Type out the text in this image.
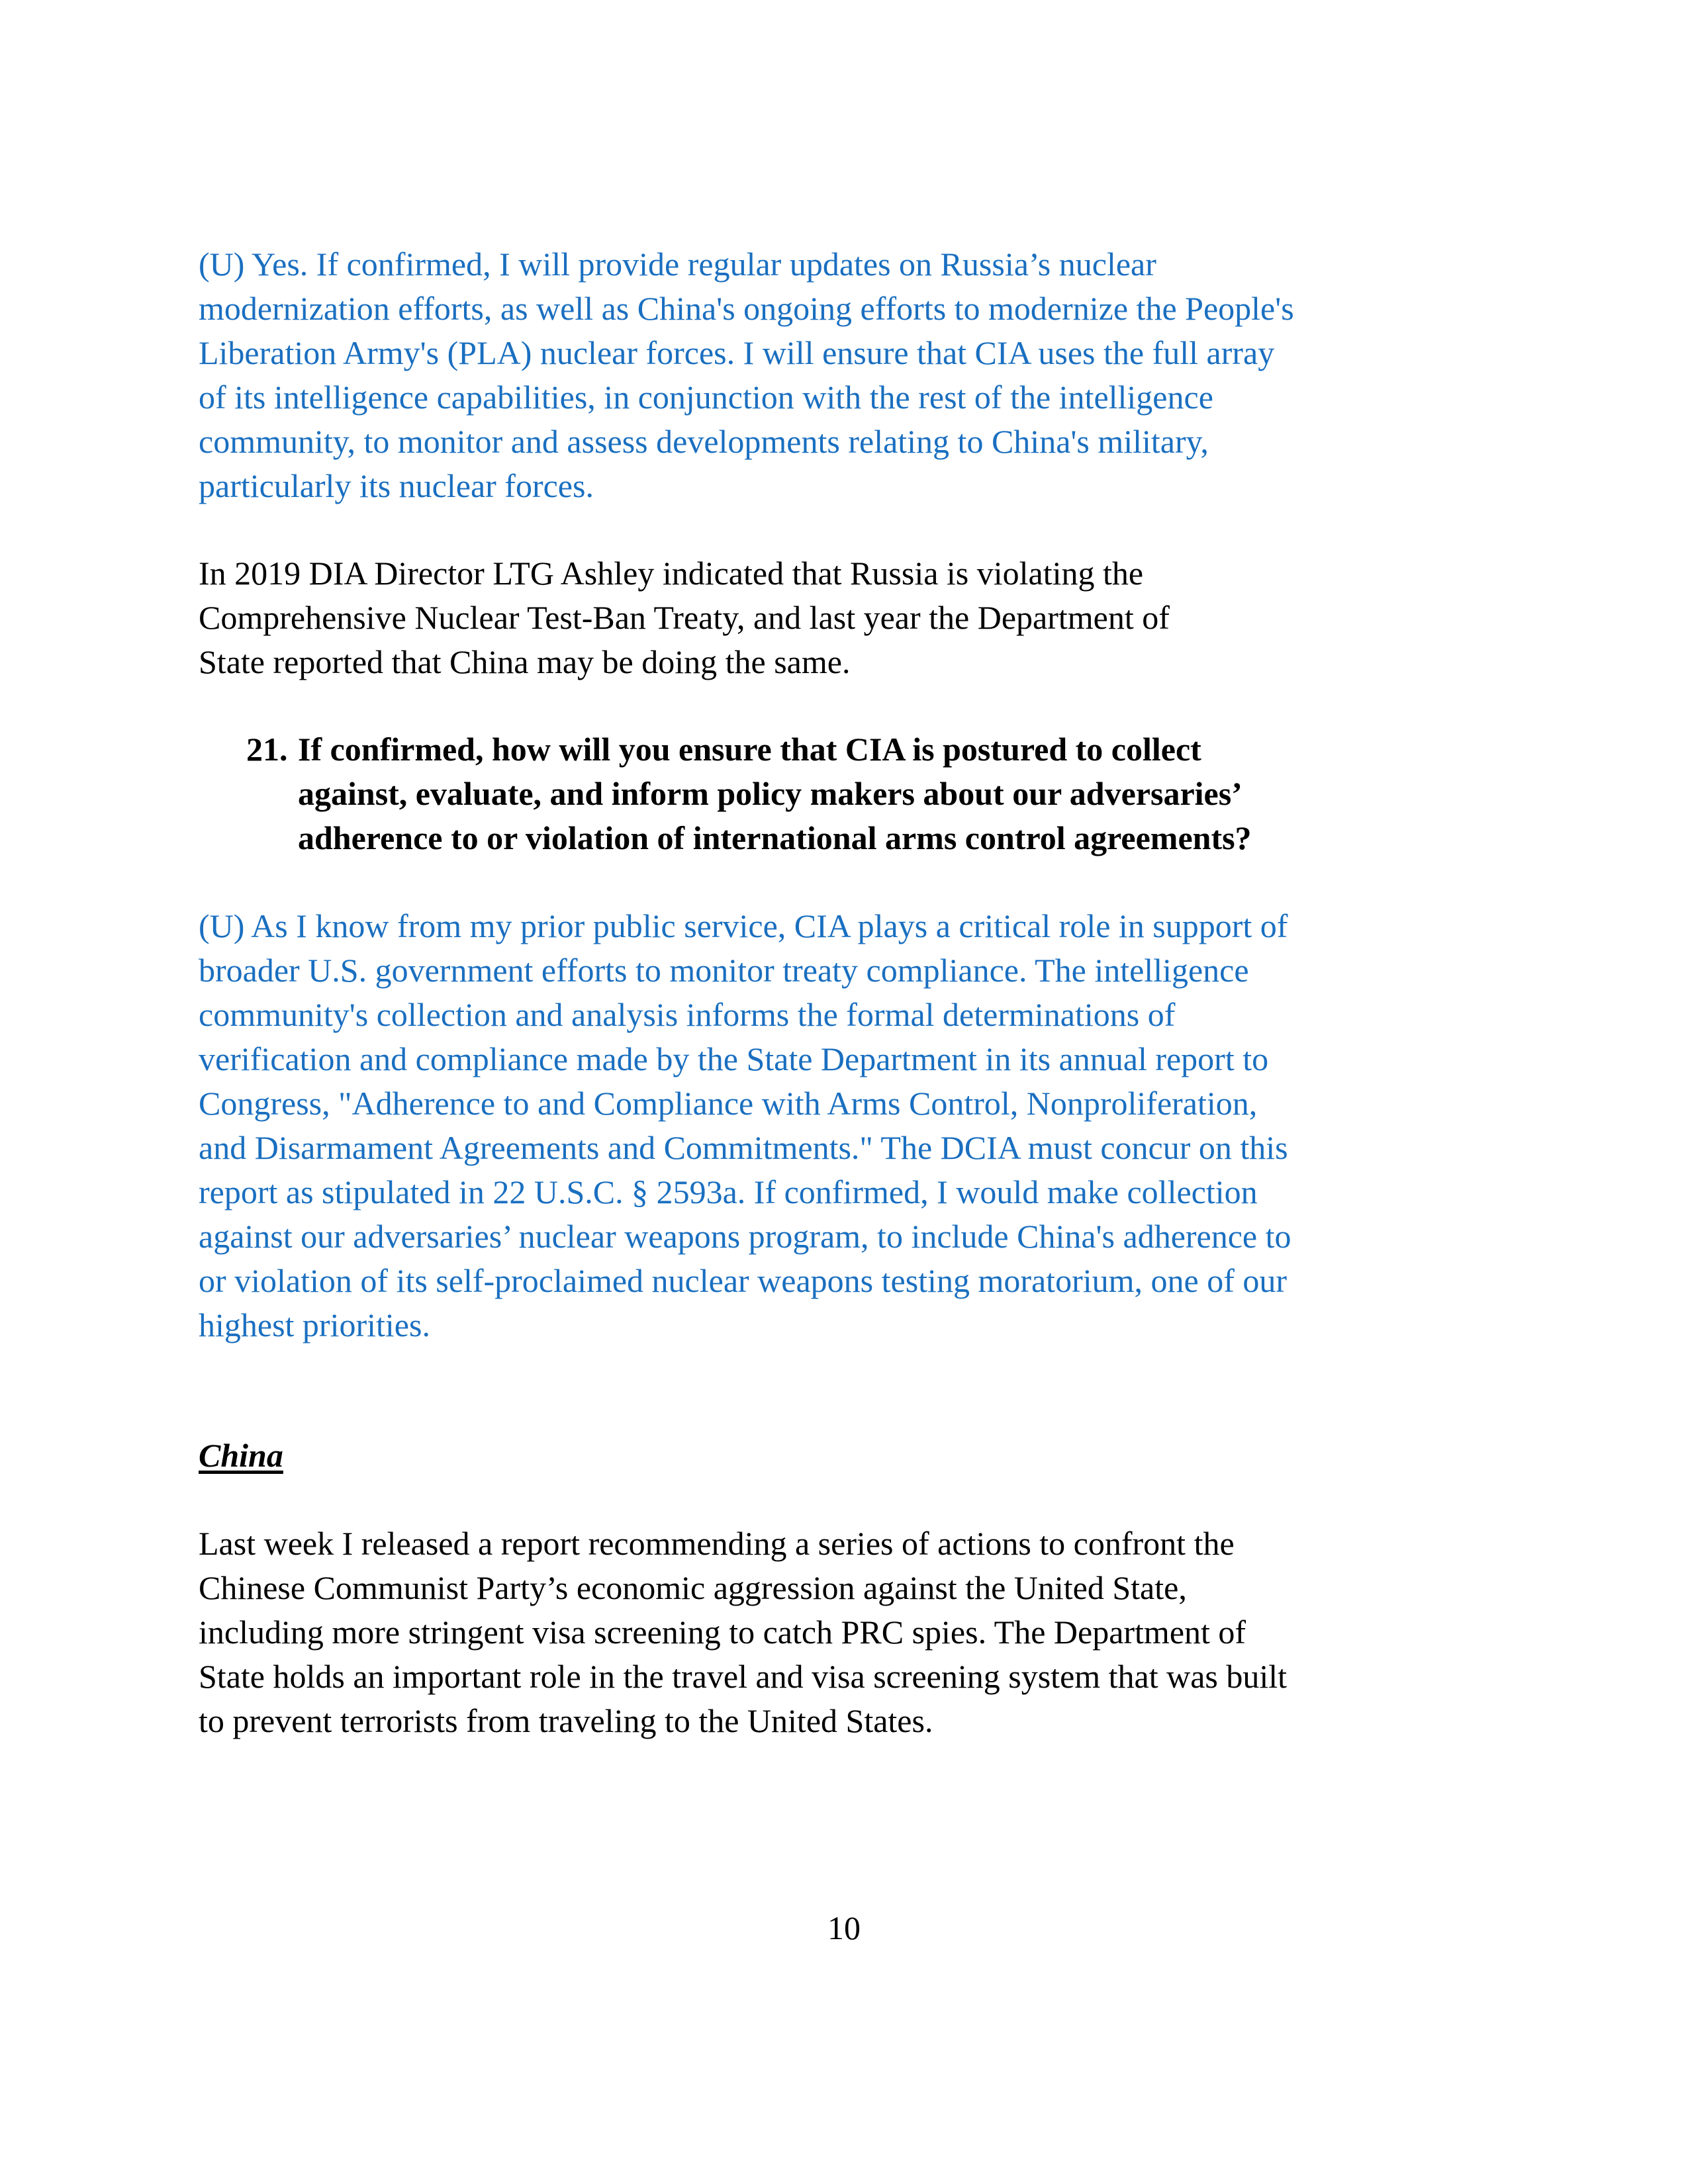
(U) Yes. If confirmed, I will provide regular updates on Russia’s nuclear

modernization efforts, as well as China's ongoing efforts to modernize the People's

Liberation Army's (PLA) nuclear forces. I will ensure that CIA uses the full array

of its intelligence capabilities, in conjunction with the rest of the intelligence

community, to monitor and assess developments relating to China's military,

particularly its nuclear forces.

In 2019 DIA Director LTG Ashley indicated that Russia is violating the

Comprehensive Nuclear Test-Ban Treaty, and last year the Department of

State reported that China may be doing the same.

21. If confirmed, how will you ensure that CIA is postured to collect

against, evaluate, and inform policy makers about our adversaries’

adherence to or violation of international arms control agreements?

(U) As I know from my prior public service, CIA plays a critical role in support of

broader U.S. government efforts to monitor treaty compliance. The intelligence

community's collection and analysis informs the formal determinations of

verification and compliance made by the State Department in its annual report to

Congress, "Adherence to and Compliance with Arms Control, Nonproliferation,

and Disarmament Agreements and Commitments." The DCIA must concur on this

report as stipulated in 22 U.S.C. § 2593a. If confirmed, I would make collection

against our adversaries’ nuclear weapons program, to include China's adherence to

or violation of its self-proclaimed nuclear weapons testing moratorium, one of our

highest priorities.

China

Last week I released a report recommending a series of actions to confront the

Chinese Communist Party’s economic aggression against the United State,

including more stringent visa screening to catch PRC spies. The Department of

State holds an important role in the travel and visa screening system that was built

to prevent terrorists from traveling to the United States.

10
